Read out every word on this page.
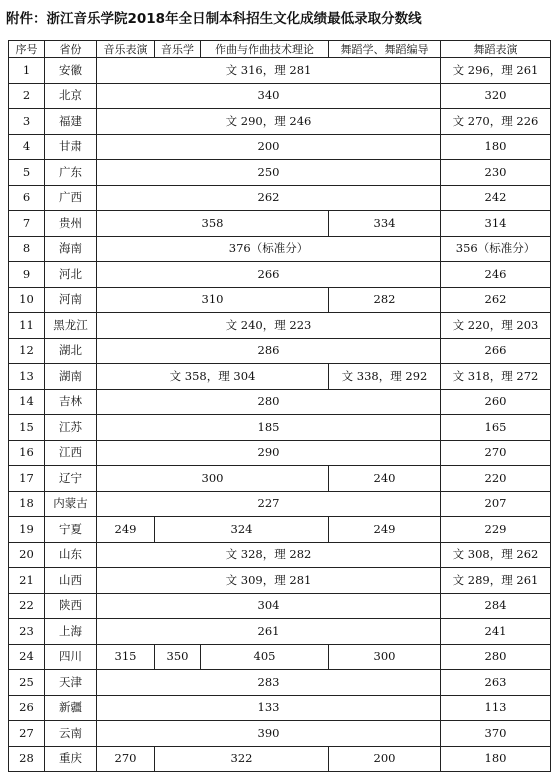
附件：浙江音乐学院2018年全日制本科招生文化成绩最低录取分数线
序号	省份	音乐表演	音乐学	作曲与作曲技术理论	舞蹈学、舞蹈编导	舞蹈表演
1	安徽	文 316，理 281				文 296，理 261
2	北京	340				320
3	福建	文 290，理 246				文 270，理 226
4	甘肃	200				180
5	广东	250				230
6	广西	262				242
7	贵州	358			334	314
8	海南	376（标准分）				356（标准分）
9	河北	266				246
10	河南	310			282	262
11	黑龙江	文 240，理 223				文 220，理 203
12	湖北	286				266
13	湖南	文 358，理 304			文 338，理 292	文 318，理 272
14	吉林	280				260
15	江苏	185				165
16	江西	290				270
17	辽宁	300			240	220
18	内蒙古	227				207
19	宁夏	249	324		249	229
20	山东	文 328，理 282				文 308，理 262
21	山西	文 309，理 281				文 289，理 261
22	陕西	304				284
23	上海	261				241
24	四川	315	350	405	300	280
25	天津	283				263
26	新疆	133				113
27	云南	390				370
28	重庆	270	322		200	180
